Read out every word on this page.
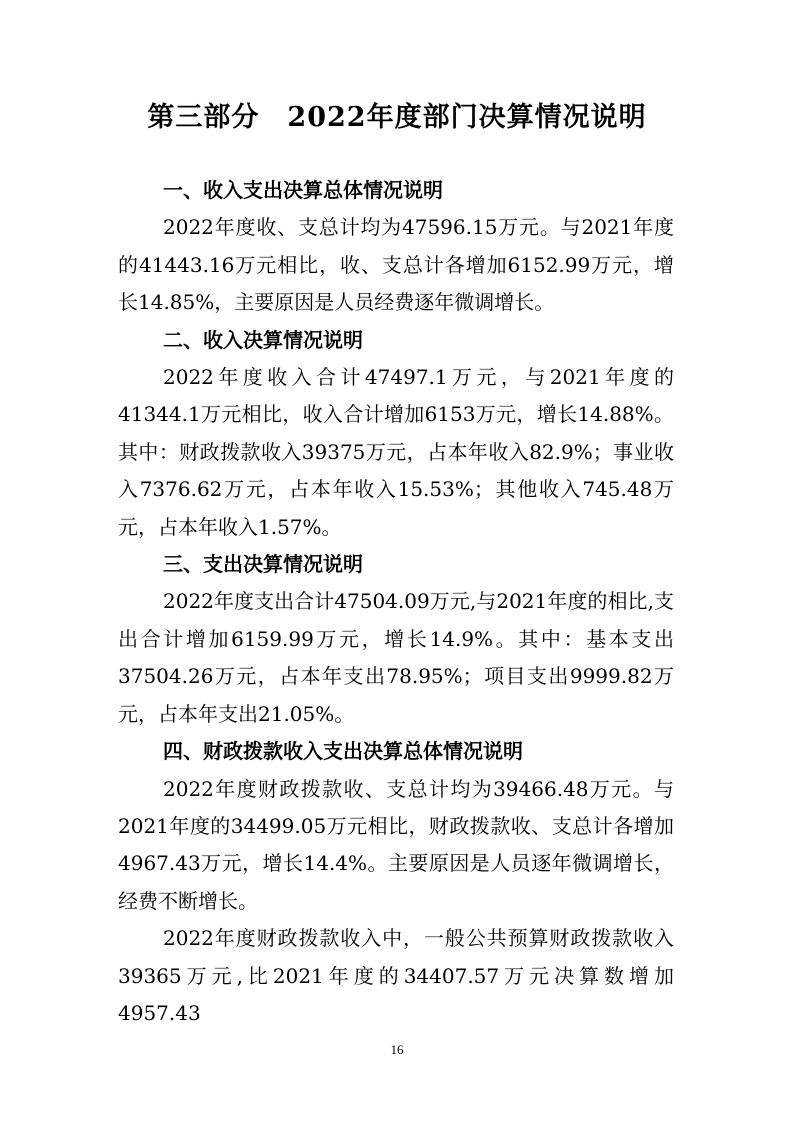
第三部分　2022年度部门决算情况说明

一、收入支出决算总体情况说明

2022年度收、支总计均为47596.15万元。与2021年度的41443.16万元相比，收、支总计各增加6152.99万元，增长14.85%，主要原因是人员经费逐年微调增长。

二、收入决算情况说明

2022年度收入合计47497.1万元，与2021年度的41344.1万元相比，收入合计增加6153万元，增长14.88%。其中：财政拨款收入39375万元，占本年收入82.9%；事业收入7376.62万元，占本年收入15.53%；其他收入745.48万元，占本年收入1.57%。

三、支出决算情况说明

2022年度支出合计47504.09万元,与2021年度的相比,支出合计增加6159.99万元，增长14.9%。其中：基本支出37504.26万元，占本年支出78.95%；项目支出9999.82万元，占本年支出21.05%。

四、财政拨款收入支出决算总体情况说明

2022年度财政拨款收、支总计均为39466.48万元。与2021年度的34499.05万元相比，财政拨款收、支总计各增加4967.43万元，增长14.4%。主要原因是人员逐年微调增长，经费不断增长。

2022年度财政拨款收入中，一般公共预算财政拨款收入39365万元,比2021年度的34407.57万元决算数增加4957.43

16
